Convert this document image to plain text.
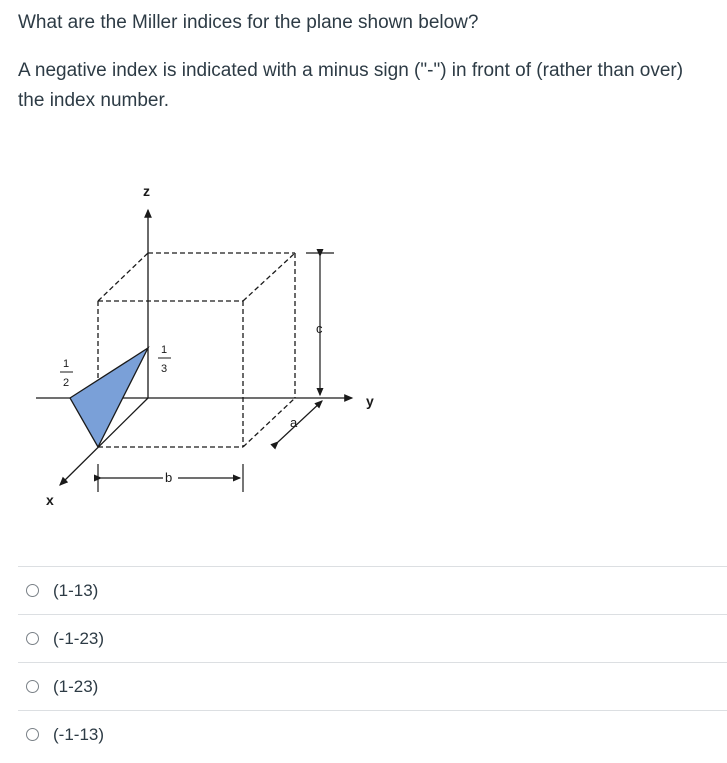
What are the Miller indices for the plane shown below?

A negative index is indicated with a minus sign ("-") in front of (rather than over)

the index number.

z
y
x
c
a
b
1
3
1
2
(1-13)
(-1-23)
(1-23)
(-1-13)
